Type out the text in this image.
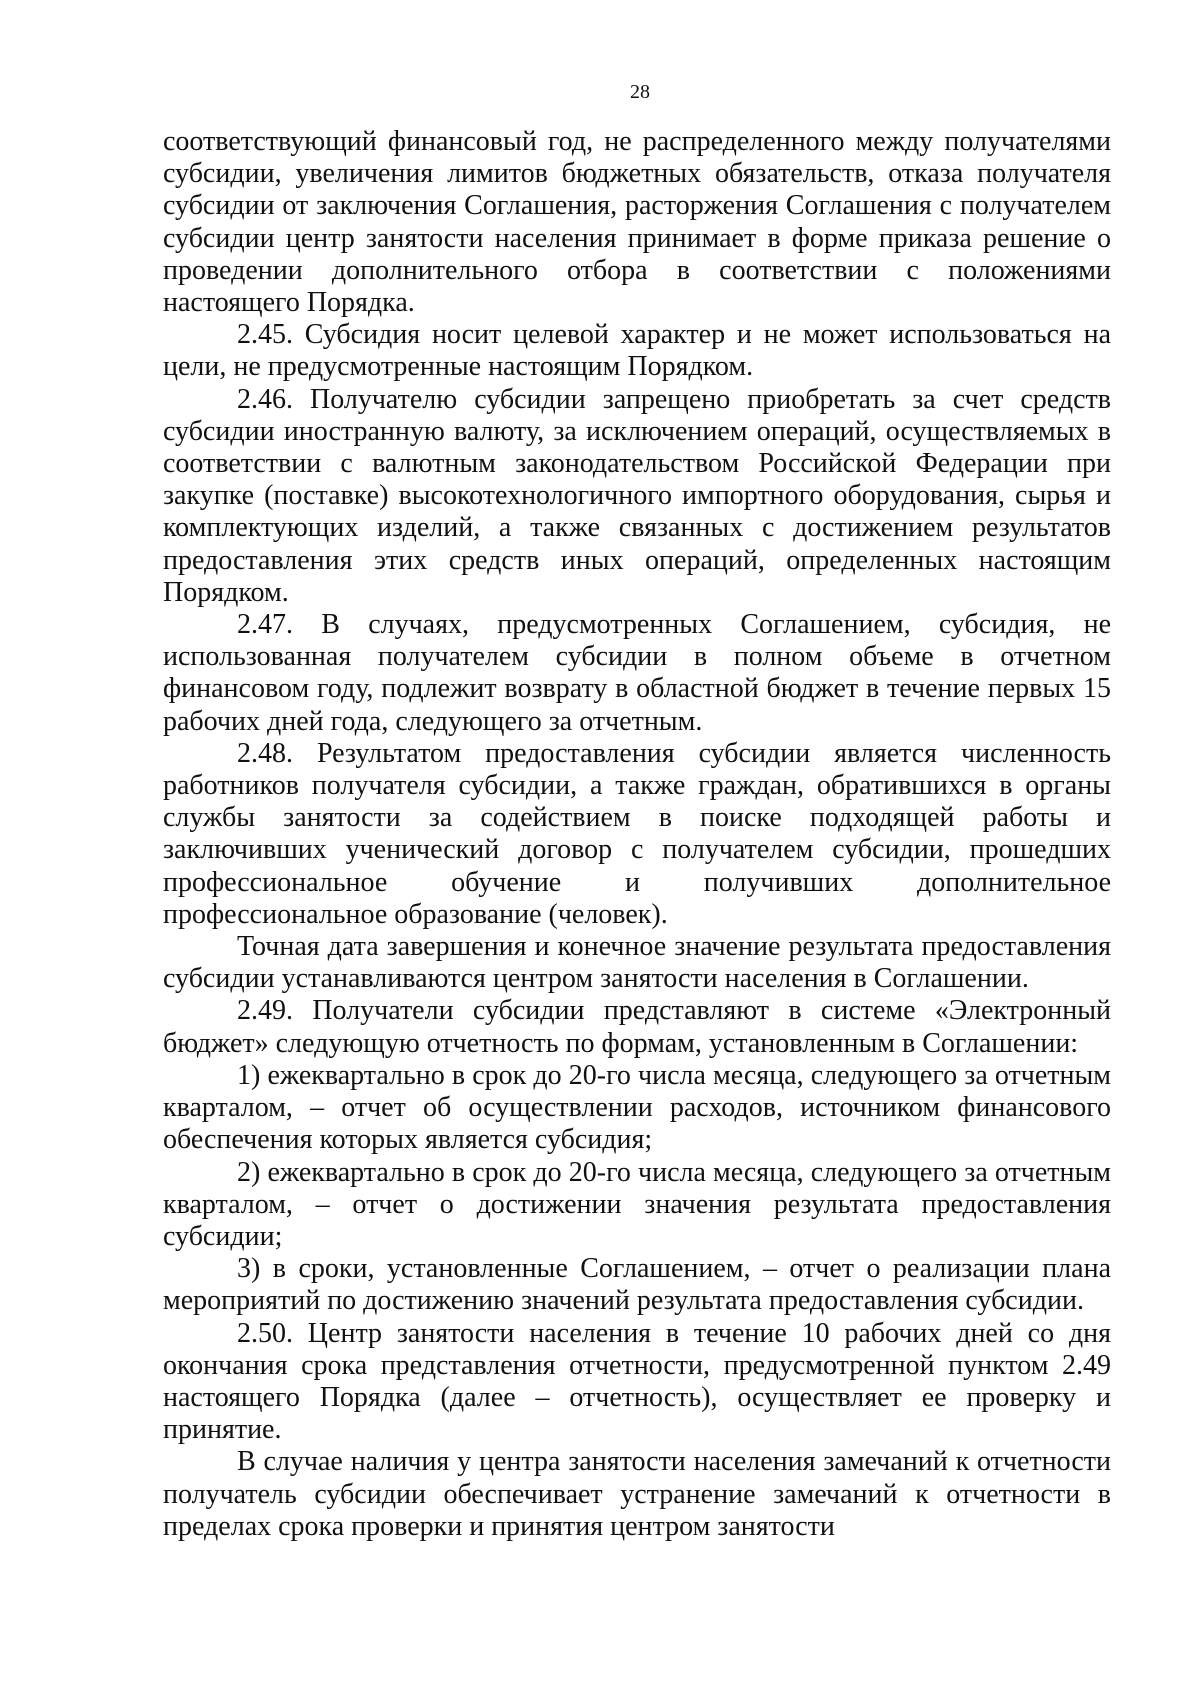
28

соответствующий финансовый год, не распределенного между получателями субсидии, увеличения лимитов бюджетных обязательств, отказа получателя субсидии от заключения Соглашения, расторжения Соглашения с получателем субсидии центр занятости населения принимает в форме приказа решение о проведении дополнительного отбора в соответствии с положениями настоящего Порядка.

2.45. Субсидия носит целевой характер и не может использоваться на цели, не предусмотренные настоящим Порядком.

2.46. Получателю субсидии запрещено приобретать за счет средств субсидии иностранную валюту, за исключением операций, осуществляемых в соответствии с валютным законодательством Российской Федерации при закупке (поставке) высокотехнологичного импортного оборудования, сырья и комплектующих изделий, а также связанных с достижением результатов предоставления этих средств иных операций, определенных настоящим Порядком.

2.47. В случаях, предусмотренных Соглашением, субсидия, не использованная получателем субсидии в полном объеме в отчетном финансовом году, подлежит возврату в областной бюджет в течение первых 15 рабочих дней года, следующего за отчетным.

2.48. Результатом предоставления субсидии является численность работников получателя субсидии, а также граждан, обратившихся в органы службы занятости за содействием в поиске подходящей работы и заключивших ученический договор с получателем субсидии, прошедших профессиональное обучение и получивших дополнительное профессиональное образование (человек).

Точная дата завершения и конечное значение результата предоставления субсидии устанавливаются центром занятости населения в Соглашении.

2.49. Получатели субсидии представляют в системе «Электронный бюджет» следующую отчетность по формам, установленным в Соглашении:

1) ежеквартально в срок до 20-го числа месяца, следующего за отчетным кварталом, – отчет об осуществлении расходов, источником финансового обеспечения которых является субсидия;

2) ежеквартально в срок до 20-го числа месяца, следующего за отчетным кварталом, – отчет о достижении значения результата предоставления субсидии;

3) в сроки, установленные Соглашением, – отчет о реализации плана мероприятий по достижению значений результата предоставления субсидии.

2.50. Центр занятости населения в течение 10 рабочих дней со дня окончания срока представления отчетности, предусмотренной пунктом 2.49 настоящего Порядка (далее – отчетность), осуществляет ее проверку и принятие.

В случае наличия у центра занятости населения замечаний к отчетности получатель субсидии обеспечивает устранение замечаний к отчетности в пределах срока проверки и принятия центром занятости
